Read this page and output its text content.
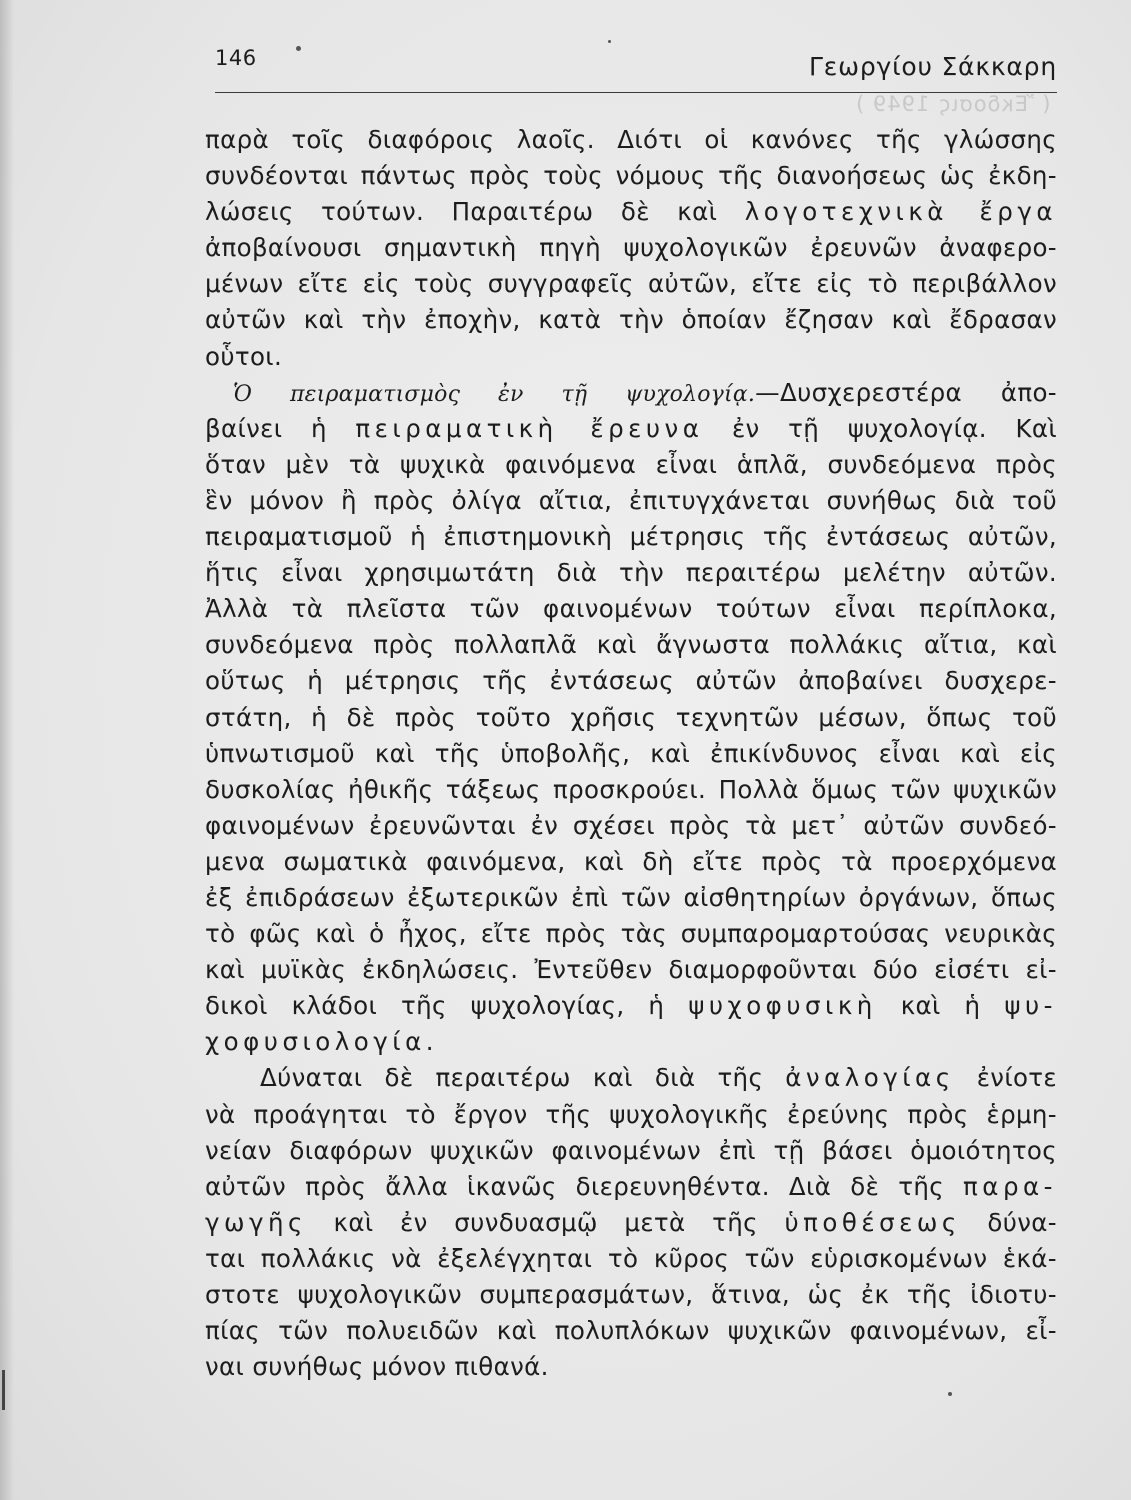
146
( Ἔκδοσις 1949 )
Γεωργίου Σάκκαρη
παρὰ τοῖς διαφόροις λαοῖς. Διότι οἱ κανόνες τῆς γλώσσης
συνδέονται πάντως πρὸς τοὺς νόμους τῆς διανοήσεως ὡς ἐκδη-
λώσεις τούτων. Παραιτέρω δὲ καὶ λογοτεχνικὰ ἔργα
ἀποβαίνουσι σημαντικὴ πηγὴ ψυχολογικῶν ἐρευνῶν ἀναφερο-
μένων εἴτε εἰς τοὺς συγγραφεῖς αὐτῶν, εἴτε εἰς τὸ περιβάλλον
αὐτῶν καὶ τὴν ἐποχὴν, κατὰ τὴν ὁποίαν ἔζησαν καὶ ἔδρασαν
οὗτοι.
Ὁ πειραματισμὸς ἐν τῇ ψυχολογίᾳ.—Δυσχερεστέρα ἀπο-
βαίνει ἡ πειραματικὴ ἔρευνα ἐν τῇ ψυχολογίᾳ. Καὶ
ὅταν μὲν τὰ ψυχικὰ φαινόμενα εἶναι ἁπλᾶ, συνδεόμενα πρὸς
ἓν μόνον ἢ πρὸς ὀλίγα αἴτια, ἐπιτυγχάνεται συνήθως διὰ τοῦ
πειραματισμοῦ ἡ ἐπιστημονικὴ μέτρησις τῆς ἐντάσεως αὐτῶν,
ἥτις εἶναι χρησιμωτάτη διὰ τὴν περαιτέρω μελέτην αὐτῶν.
Ἀλλὰ τὰ πλεῖστα τῶν φαινομένων τούτων εἶναι περίπλοκα,
συνδεόμενα πρὸς πολλαπλᾶ καὶ ἄγνωστα πολλάκις αἴτια, καὶ
οὕτως ἡ μέτρησις τῆς ἐντάσεως αὐτῶν ἀποβαίνει δυσχερε-
στάτη, ἡ δὲ πρὸς τοῦτο χρῆσις τεχνητῶν μέσων, ὅπως τοῦ
ὑπνωτισμοῦ καὶ τῆς ὑποβολῆς, καὶ ἐπικίνδυνος εἶναι καὶ εἰς
δυσκολίας ἠθικῆς τάξεως προσκρούει. Πολλὰ ὅμως τῶν ψυχικῶν
φαινομένων ἐρευνῶνται ἐν σχέσει πρὸς τὰ μετ᾽ αὐτῶν συνδεό-
μενα σωματικὰ φαινόμενα, καὶ δὴ εἴτε πρὸς τὰ προερχόμενα
ἐξ ἐπιδράσεων ἐξωτερικῶν ἐπὶ τῶν αἰσθητηρίων ὀργάνων, ὅπως
τὸ φῶς καὶ ὁ ἦχος, εἴτε πρὸς τὰς συμπαρομαρτούσας νευρικὰς
καὶ μυϊκὰς ἐκδηλώσεις. Ἐντεῦθεν διαμορφοῦνται δύο εἰσέτι εἰ-
δικοὶ κλάδοι τῆς ψυχολογίας, ἡ ψυχοφυσικὴ καὶ ἡ ψυ-
χοφυσιολογία.
Δύναται δὲ περαιτέρω καὶ διὰ τῆς ἀναλογίας ἐνίοτε
νὰ προάγηται τὸ ἔργον τῆς ψυχολογικῆς ἐρεύνης πρὸς ἑρμη-
νείαν διαφόρων ψυχικῶν φαινομένων ἐπὶ τῇ βάσει ὁμοιότητος
αὐτῶν πρὸς ἄλλα ἱκανῶς διερευνηθέντα. Διὰ δὲ τῆς παρα-
γωγῆς καὶ ἐν συνδυασμῷ μετὰ τῆς ὑποθέσεως δύνα-
ται πολλάκις νὰ ἐξελέγχηται τὸ κῦρος τῶν εὑρισκομένων ἑκά-
στοτε ψυχολογικῶν συμπερασμάτων, ἅτινα, ὡς ἐκ τῆς ἰδιοτυ-
πίας τῶν πολυειδῶν καὶ πολυπλόκων ψυχικῶν φαινομένων, εἶ-
ναι συνήθως μόνον πιθανά.
